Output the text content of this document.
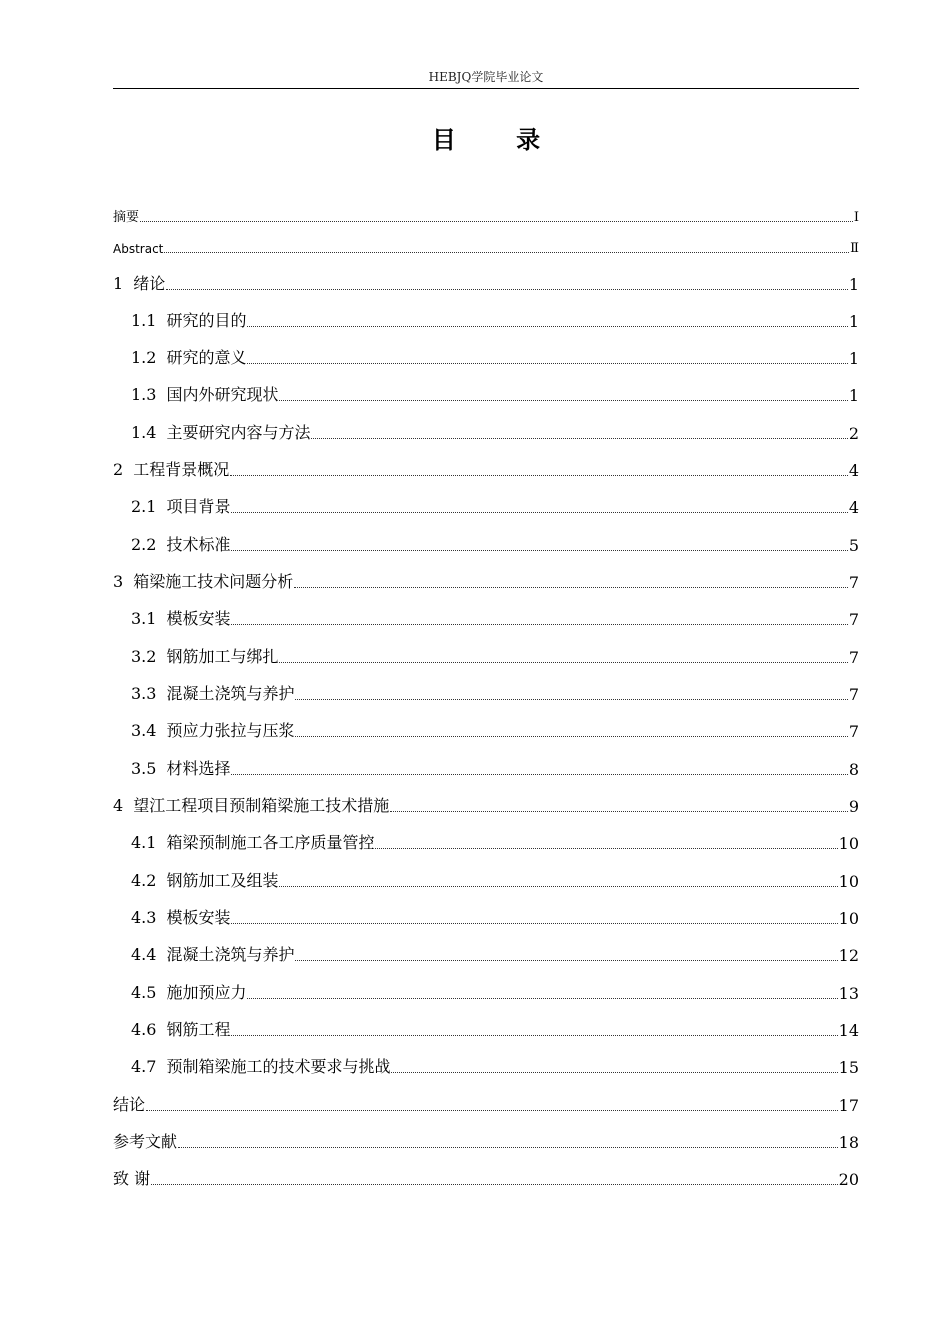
HEBJQ学院毕业论文
目 录
摘要	Ⅰ
Abstract	Ⅱ
1 绪论	1
1.1 研究的目的	1
1.2 研究的意义	1
1.3 国内外研究现状	1
1.4 主要研究内容与方法	2
2 工程背景概况	4
2.1 项目背景	4
2.2 技术标准	5
3 箱梁施工技术问题分析	7
3.1 模板安装	7
3.2 钢筋加工与绑扎	7
3.3 混凝土浇筑与养护	7
3.4 预应力张拉与压浆	7
3.5 材料选择	8
4 望江工程项目预制箱梁施工技术措施	9
4.1 箱梁预制施工各工序质量管控	10
4.2 钢筋加工及组装	10
4.3 模板安装	10
4.4 混凝土浇筑与养护	12
4.5 施加预应力	13
4.6 钢筋工程	14
4.7 预制箱梁施工的技术要求与挑战	15
结论	17
参考文献	18
致 谢	20
